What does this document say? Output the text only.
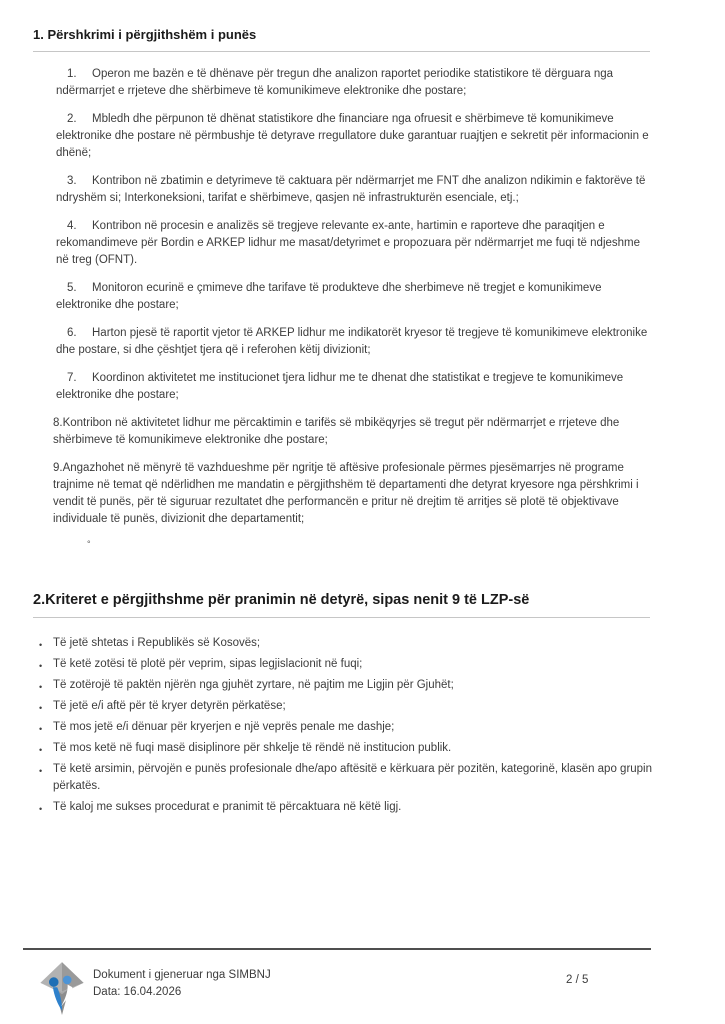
1. Përshkrimi i përgjithshëm i punës

1. Operon me bazën e të dhënave për tregun dhe analizon raportet periodike statistikore të dërguara nga ndërmarrjet e rrjeteve dhe shërbimeve të komunikimeve elektronike dhe postare;

2. Mbledh dhe përpunon të dhënat statistikore dhe financiare nga ofruesit e shërbimeve të komunikimeve elektronike dhe postare në përmbushje të detyrave rregullatore duke garantuar ruajtjen e sekretit për informacionin e dhënë;

3. Kontribon në zbatimin e detyrimeve të caktuara për ndërmarrjet me FNT dhe analizon ndikimin e faktorëve të ndryshëm si; Interkoneksioni, tarifat e shërbimeve, qasjen në infrastrukturën esenciale, etj.;

4. Kontribon në procesin e analizës së tregjeve relevante ex-ante, hartimin e raporteve dhe paraqitjen e rekomandimeve për Bordin e ARKEP lidhur me masat/detyrimet e propozuara për ndërmarrjet me fuqi të ndjeshme në treg (OFNT).

5. Monitoron ecurinë e çmimeve dhe tarifave të produkteve dhe sherbimeve në tregjet e komunikimeve elektronike dhe postare;

6. Harton pjesë të raportit vjetor të ARKEP lidhur me indikatorët kryesor të tregjeve të komunikimeve elektronike dhe postare, si dhe çështjet tjera që i referohen këtij divizionit;

7. Koordinon aktivitetet me institucionet tjera lidhur me te dhenat dhe statistikat e tregjeve te komunikimeve elektronike dhe postare;

8.Kontribon në aktivitetet lidhur me përcaktimin e tarifës së mbikëqyrjes së tregut për ndërmarrjet e rrjeteve dhe shërbimeve të komunikimeve elektronike dhe postare;

9.Angazhohet në mënyrë të vazhdueshme për ngritje të aftësive profesionale përmes pjesëmarrjes në programe trajnime në temat që ndërlidhen me mandatin e përgjithshëm të departamenti dhe detyrat kryesore nga përshkrimi i vendit të punës, për të siguruar rezultatet dhe performancën e pritur në drejtim të arritjes së plotë të objektivave individuale të punës, divizionit dhe departamentit;

°
2.Kriteret e përgjithshme për pranimin në detyrë, sipas nenit 9 të LZP-së
• Të jetë shtetas i Republikës së Kosovës;
• Të ketë zotësi të plotë për veprim, sipas legjislacionit në fuqi;
• Të zotërojë të paktën njërën nga gjuhët zyrtare, në pajtim me Ligjin për Gjuhët;
• Të jetë e/i aftë për të kryer detyrën përkatëse;
• Të mos jetë e/i dënuar për kryerjen e një veprës penale me dashje;
• Të mos ketë në fuqi masë disiplinore për shkelje të rëndë në institucion publik.
• Të ketë arsimin, përvojën e punës profesionale dhe/apo aftësitë e kërkuara për pozitën, kategorinë, klasën apo grupin përkatës.
• Të kaloj me sukses procedurat e pranimit të përcaktuara në këtë ligj.
Dokument i gjeneruar nga SIMBNJ
Data: 16.04.2026
2 / 5
